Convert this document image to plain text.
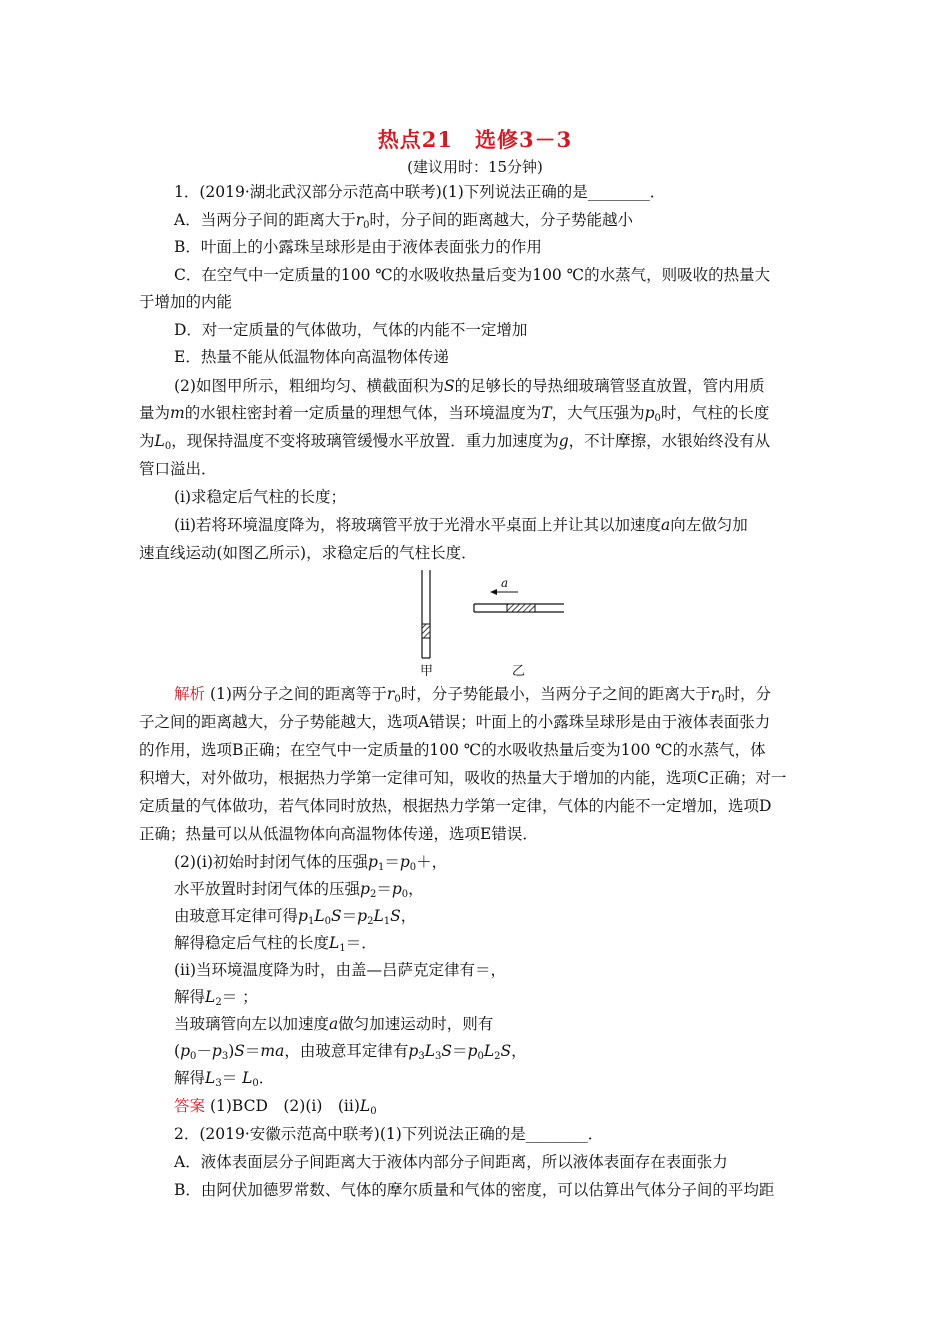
热点21 选修3－3
(建议用时：15分钟)
1．(2019·湖北武汉部分示范高中联考)(1)下列说法正确的是________．
A．当两分子间的距离大于r0时，分子间的距离越大，分子势能越小
B．叶面上的小露珠呈球形是由于液体表面张力的作用
C．在空气中一定质量的100 ℃的水吸收热量后变为100 ℃的水蒸气，则吸收的热量大
于增加的内能
D．对一定质量的气体做功，气体的内能不一定增加
E．热量不能从低温物体向高温物体传递
(2)如图甲所示，粗细均匀、横截面积为S的足够长的导热细玻璃管竖直放置，管内用质
量为m的水银柱密封着一定质量的理想气体，当环境温度为T，大气压强为p0时，气柱的长度
为L0，现保持温度不变将玻璃管缓慢水平放置．重力加速度为g，不计摩擦，水银始终没有从
管口溢出．
(i)求稳定后气柱的长度；
(ii)若将环境温度降为，将玻璃管平放于光滑水平桌面上并让其以加速度a向左做匀加
速直线运动(如图乙所示)，求稳定后的气柱长度．
a
甲	乙
解析 (1)两分子之间的距离等于r0时，分子势能最小，当两分子之间的距离大于r0时，分
子之间的距离越大，分子势能越大，选项A错误；叶面上的小露珠呈球形是由于液体表面张力
的作用，选项B正确；在空气中一定质量的100 ℃的水吸收热量后变为100 ℃的水蒸气，体
积增大，对外做功，根据热力学第一定律可知，吸收的热量大于增加的内能，选项C正确；对一
定质量的气体做功，若气体同时放热，根据热力学第一定律，气体的内能不一定增加，选项D
正确；热量可以从低温物体向高温物体传递，选项E错误．
(2)(i)初始时封闭气体的压强p1＝p0＋，
水平放置时封闭气体的压强p2＝p0，
由玻意耳定律可得p1L0S＝p2L1S，
解得稳定后气柱的长度L1＝．
(ii)当环境温度降为时，由盖—吕萨克定律有＝，
解得L2＝ ；
当玻璃管向左以加速度a做匀加速运动时，则有
(p0－p3)S＝ma，由玻意耳定律有p3L3S＝p0L2S，
解得L3＝ L0．
答案 (1)BCD　(2)(i)　(ii)L0
2．(2019·安徽示范高中联考)(1)下列说法正确的是________．
A．液体表面层分子间距离大于液体内部分子间距离，所以液体表面存在表面张力
B．由阿伏加德罗常数、气体的摩尔质量和气体的密度，可以估算出气体分子间的平均距
